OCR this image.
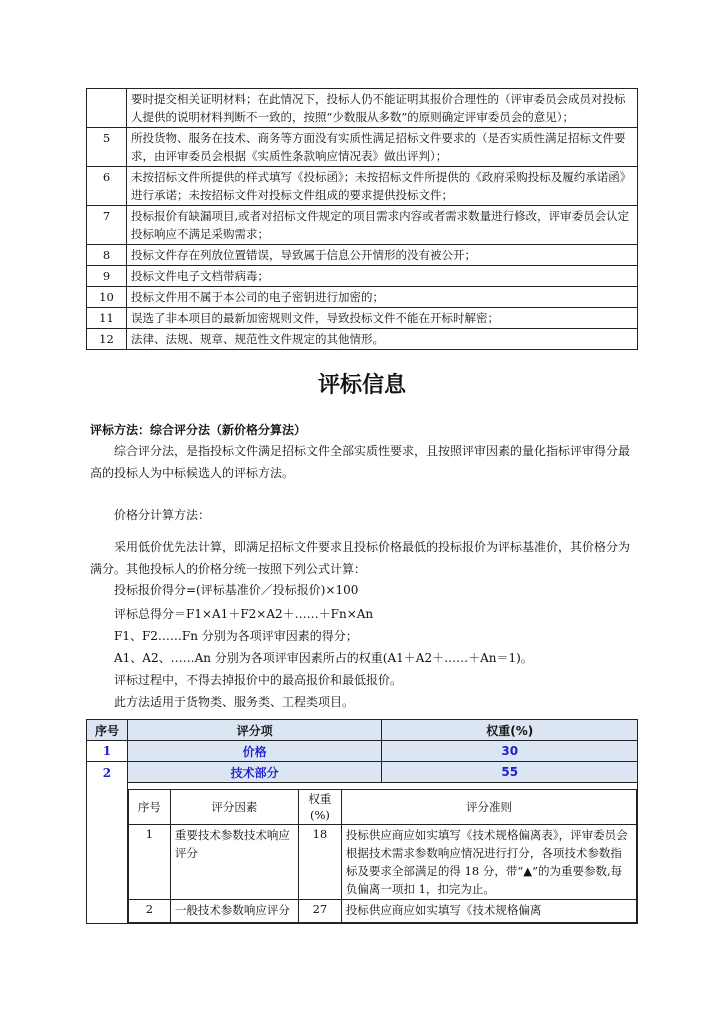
	要时提交相关证明材料；在此情况下，投标人仍不能证明其报价合理性的（评审委员会成员对投标人提供的说明材料判断不一致的，按照“少数服从多数”的原则确定评审委员会的意见）；
5	所投货物、服务在技术、商务等方面没有实质性满足招标文件要求的（是否实质性满足招标文件要求，由评审委员会根据《实质性条款响应情况表》做出评判）；
6	未按招标文件所提供的样式填写《投标函》；未按招标文件所提供的《政府采购投标及履约承诺函》进行承诺；未按招标文件对投标文件组成的要求提供投标文件；
7	投标报价有缺漏项目,或者对招标文件规定的项目需求内容或者需求数量进行修改，评审委员会认定投标响应不满足采购需求；
8	投标文件存在列放位置错误，导致属于信息公开情形的没有被公开；
9	投标文件电子文档带病毒；
10	投标文件用不属于本公司的电子密钥进行加密的；
11	误选了非本项目的最新加密规则文件，导致投标文件不能在开标时解密；
12	法律、法规、规章、规范性文件规定的其他情形。
评标信息
评标方法：综合评分法（新价格分算法）
综合评分法，是指投标文件满足招标文件全部实质性要求，且按照评审因素的量化指标评审得分最高的投标人为中标候选人的评标方法。
价格分计算方法：
采用低价优先法计算，即满足招标文件要求且投标价格最低的投标报价为评标基准价，其价格分为满分。其他投标人的价格分统一按照下列公式计算：
投标报价得分=(评标基准价／投标报价)×100
评标总得分＝F1×A1＋F2×A2＋……＋Fn×An
F1、F2……Fn 分别为各项评审因素的得分；
A1、A2、……An 分别为各项评审因素所占的权重(A1＋A2＋……＋An＝1)。
评标过程中，不得去掉报价中的最高报价和最低报价。
此方法适用于货物类、服务类、工程类项目。
序号	评分项	权重(%)
1	价格	30
2	技术部分	55

序号	评分因素	权重(%)	评分准则
1	重要技术参数技术响应评分	18	投标供应商应如实填写《技术规格偏离表》，评审委员会根据技术需求参数响应情况进行打分，各项技术参数指标及要求全部满足的得 18 分，带“▲”的为重要参数,每负偏离一项扣 1，扣完为止。
2	一般技术参数响应评分	27	投标供应商应如实填写《技术规格偏离
